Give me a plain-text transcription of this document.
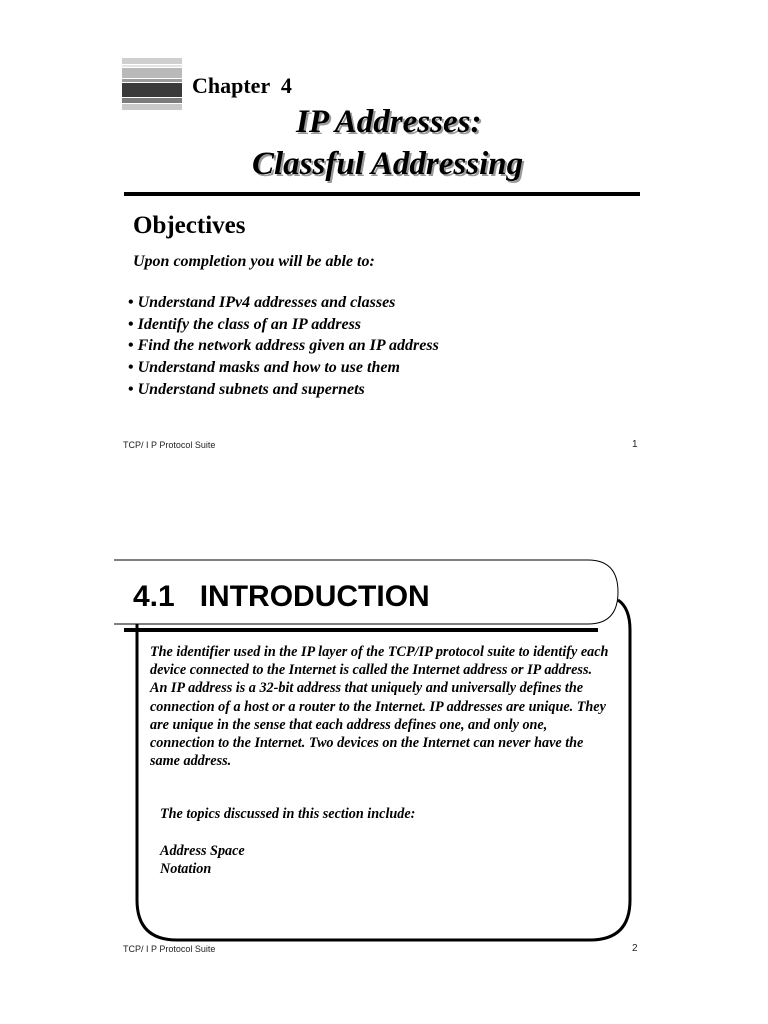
Chapter  4
IP Addresses:
Classful Addressing
Objectives
Upon completion you will be able to:
• Understand IPv4 addresses and classes
• Identify the class of an IP address
• Find the network address given an IP address
• Understand masks and how to use them
• Understand subnets and supernets
TCP/ I P Protocol Suite	1
4.1   INTRODUCTION

The identifier used in the IP layer of the TCP/IP protocol suite to identify each device connected to the Internet is called the Internet address or IP address. An IP address is a 32-bit address that uniquely and universally defines the connection of a host or a router to the Internet. IP addresses are unique. They are unique in the sense that each address defines one, and only one, connection to the Internet. Two devices on the Internet can never have the same address.

The topics discussed in this section include:
Address Space
Notation
TCP/ I P Protocol Suite	2
